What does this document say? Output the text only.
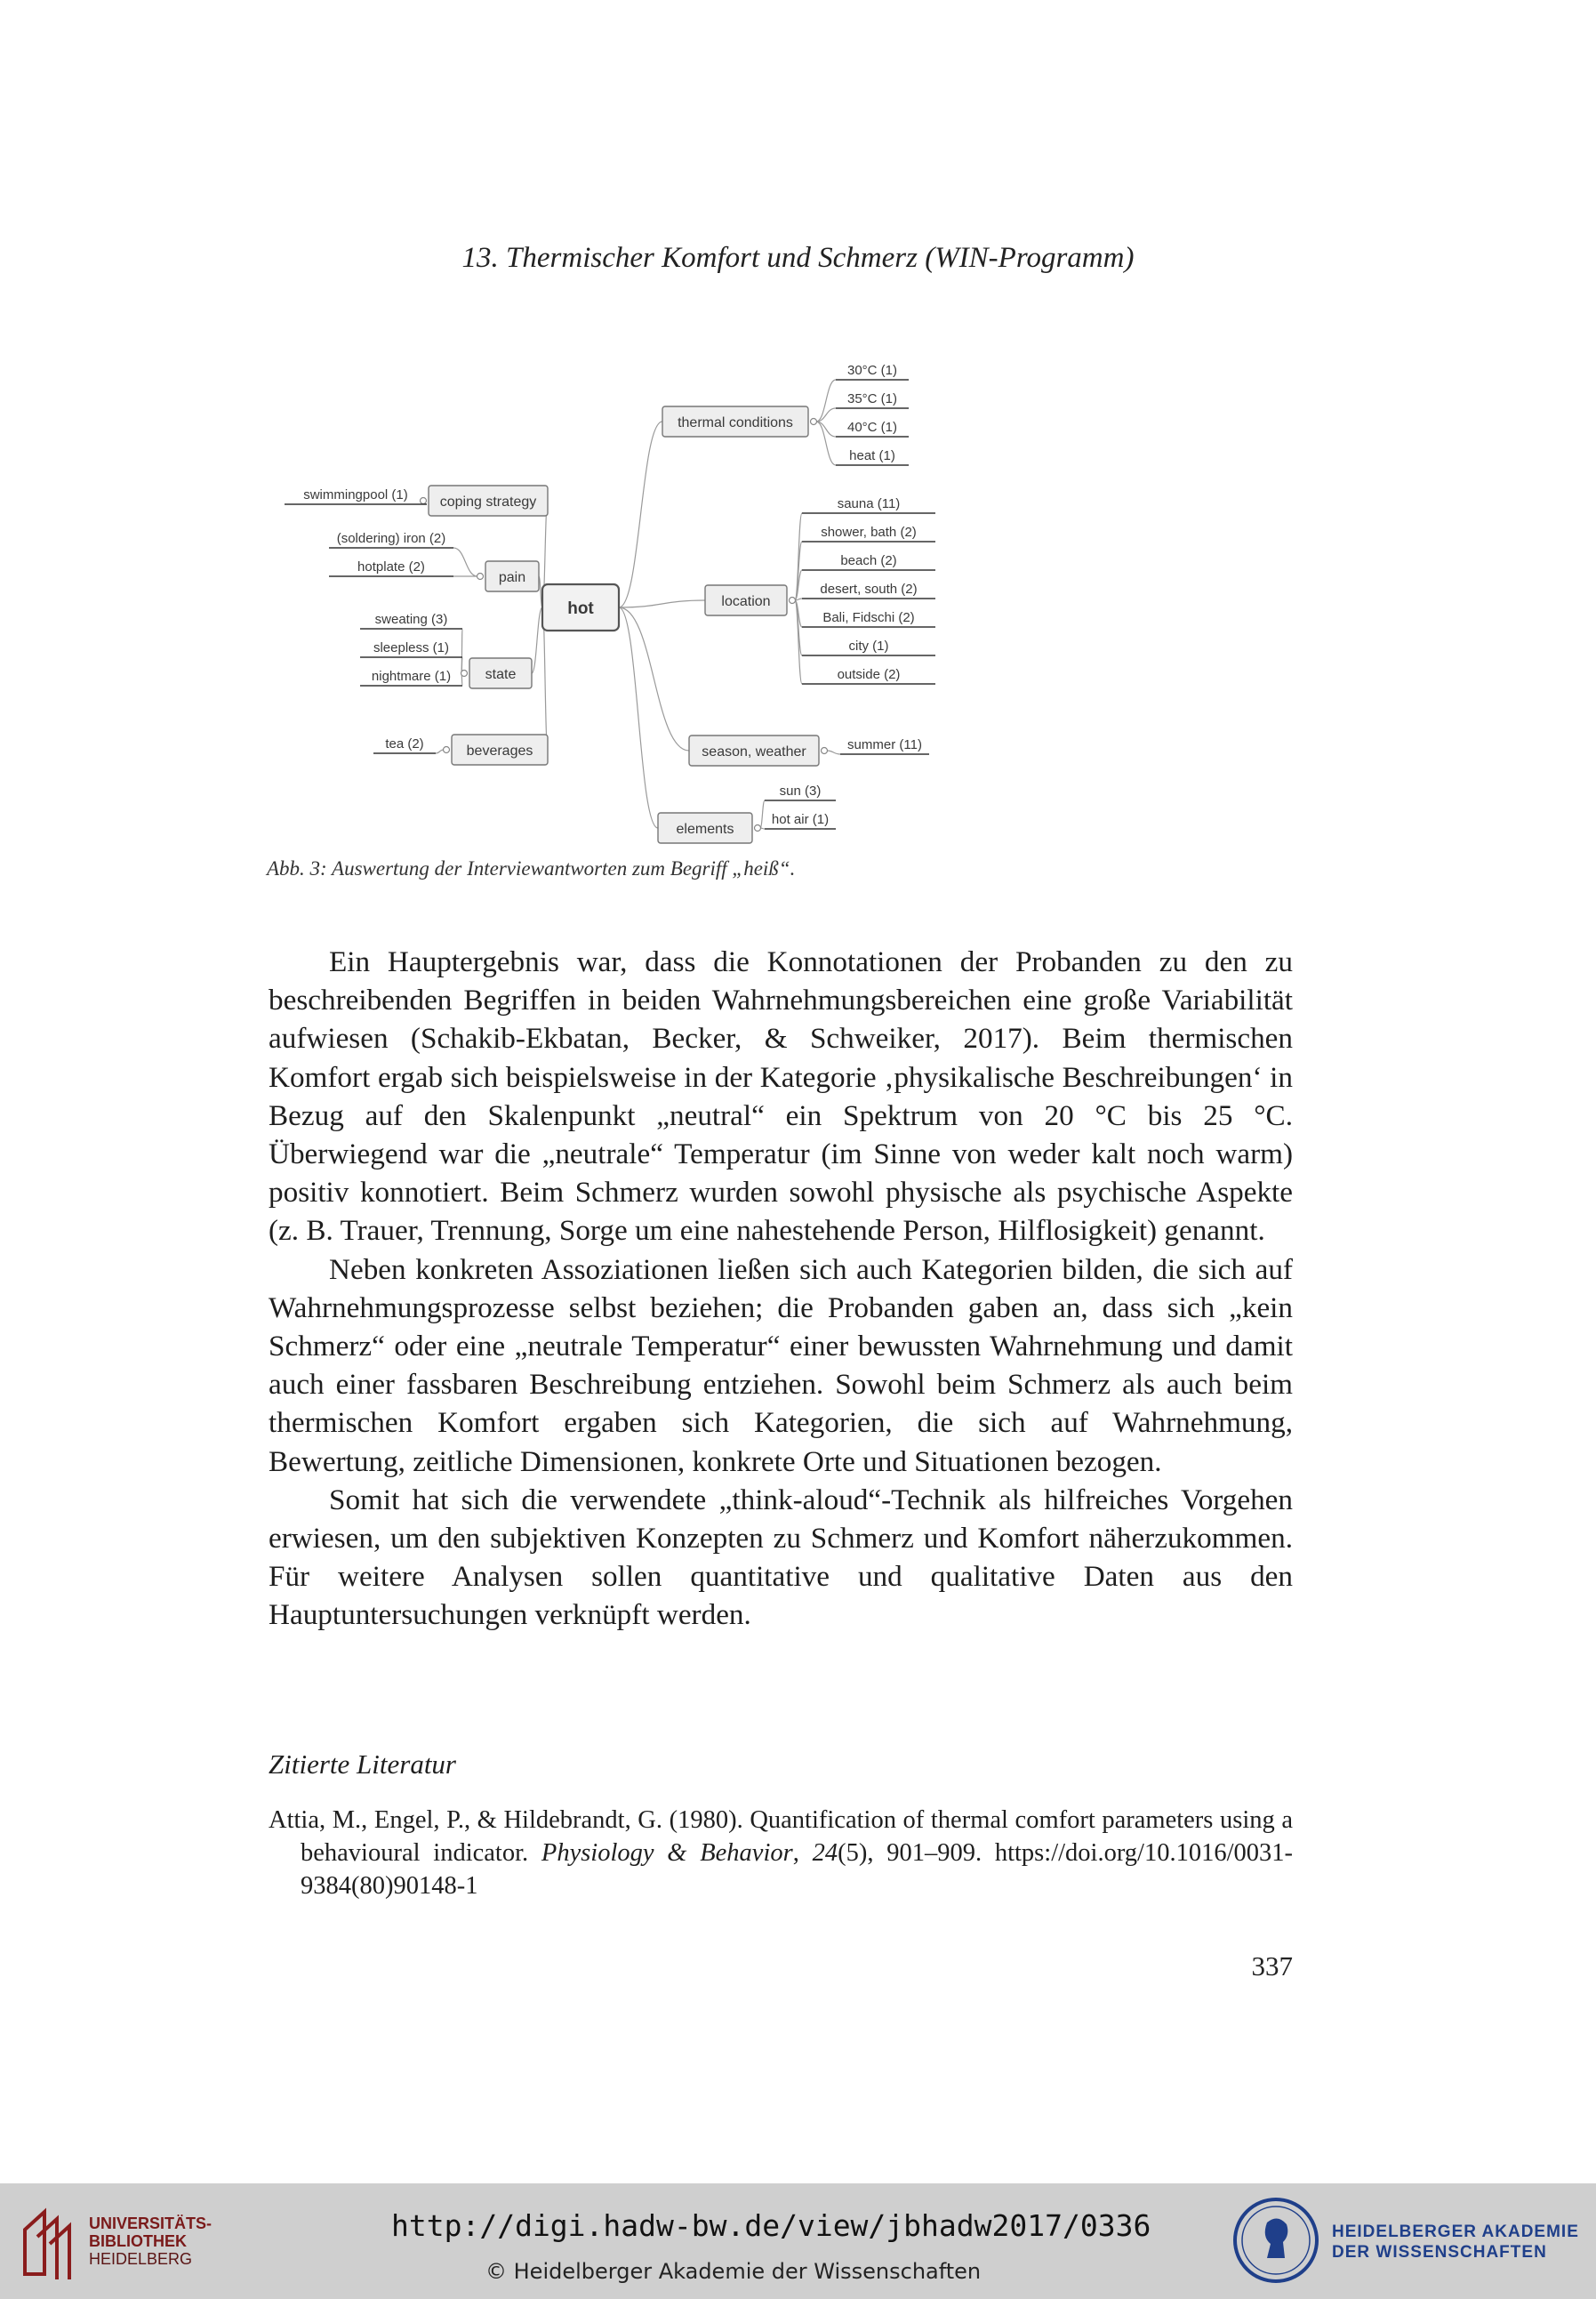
13. Thermischer Komfort und Schmerz (WIN-Programm)
hot
thermal conditions
30°C (1)
35°C (1)
40°C (1)
heat (1)
location
sauna (11)
shower, bath (2)
beach (2)
desert, south (2)
Bali, Fidschi (2)
city (1)
outside (2)
season, weather	summer (11)
elements
sun (3)
hot air (1)
coping strategy
swimmingpool (1)
pain
(soldering) iron (2)
hotplate (2)
state
sweating (3)
sleepless (1)
nightmare (1)
beverages
tea (2)
Abb. 3: Auswertung der Interviewantworten zum Begriff „heiß“.

Ein Hauptergebnis war, dass die Konnotationen der Probanden zu den zu beschreibenden Begriffen in beiden Wahrnehmungsbereichen eine große Variabilität aufwiesen (Schakib-Ekbatan, Becker, & Schweiker, 2017). Beim thermischen Komfort ergab sich beispielsweise in der Kategorie ‚physikalische Beschreibungen‘ in Bezug auf den Skalenpunkt „neutral“ ein Spektrum von 20 °C bis 25 °C. Überwiegend war die „neutrale“ Temperatur (im Sinne von weder kalt noch warm) positiv konnotiert. Beim Schmerz wurden sowohl physische als psychische Aspekte (z. B. Trauer, Trennung, Sorge um eine nahestehende Person, Hilflosigkeit) genannt.

Neben konkreten Assoziationen ließen sich auch Kategorien bilden, die sich auf Wahrnehmungsprozesse selbst beziehen; die Probanden gaben an, dass sich „kein Schmerz“ oder eine „neutrale Temperatur“ einer bewussten Wahrnehmung und damit auch einer fassbaren Beschreibung entziehen. Sowohl beim Schmerz als auch beim thermischen Komfort ergaben sich Kategorien, die sich auf Wahrnehmung, Bewertung, zeitliche Dimensionen, konkrete Orte und Situationen bezogen.

Somit hat sich die verwendete „think-aloud“-Technik als hilfreiches Vorgehen erwiesen, um den subjektiven Konzepten zu Schmerz und Komfort näherzukommen. Für weitere Analysen sollen quantitative und qualitative Daten aus den Hauptuntersuchungen verknüpft werden.

Zitierte Literatur
Attia, M., Engel, P., & Hildebrandt, G. (1980). Quantification of thermal comfort parameters using a behavioural indicator. Physiology & Behavior, 24(5), 901–909. https://doi.org/10.1016/0031-9384(80)90148-1
337
UNIVERSITÄTS-
BIBLIOTHEK
HEIDELBERG
http://digi.hadw-bw.de/view/jbhadw2017/0336
© Heidelberger Akademie der Wissenschaften
HEIDELBERGER AKADEMIE
DER WISSENSCHAFTEN
